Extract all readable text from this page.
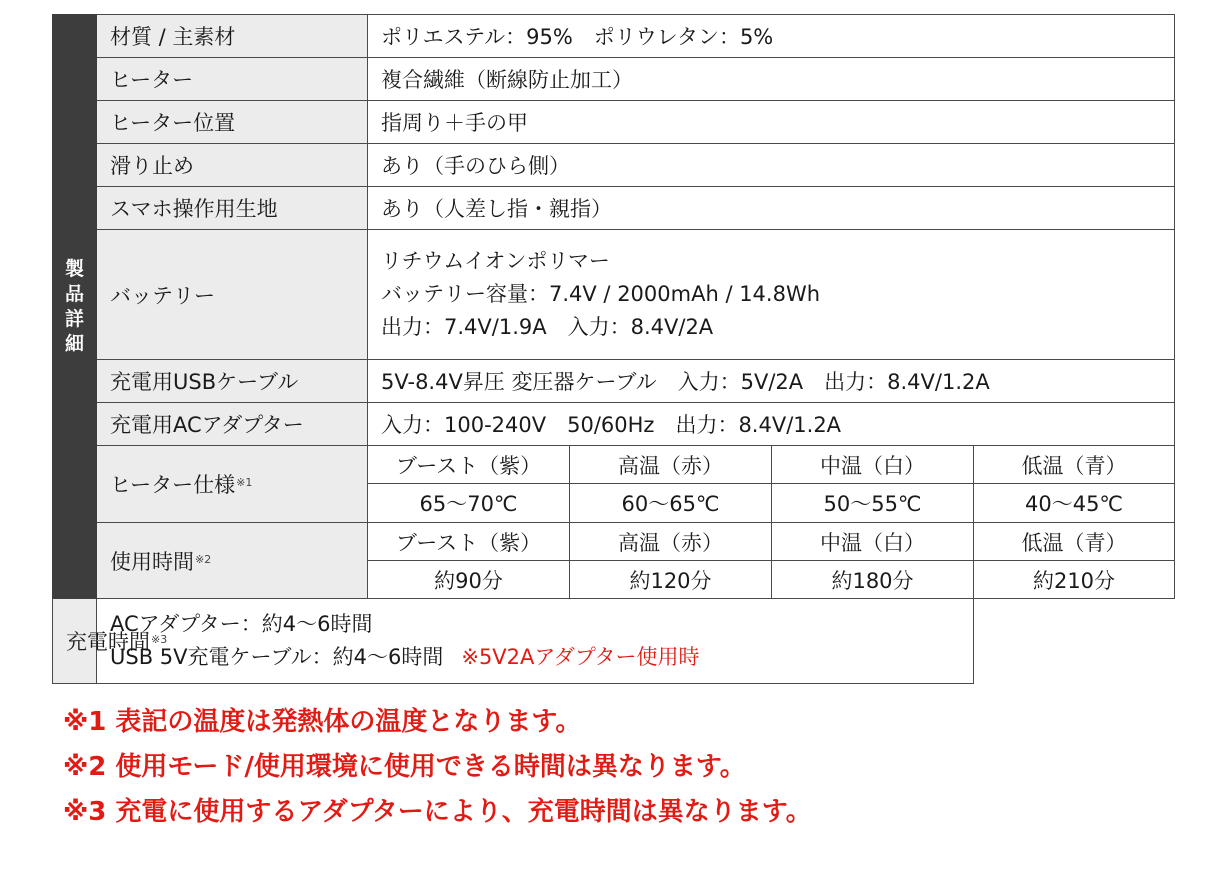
製品詳細	材質 / 主素材	ポリエステル：95%　ポリウレタン：5%			
	ヒーター	複合繊維（断線防止加工）			
	ヒーター位置	指周り＋手の甲			
	滑り止め	あり（手のひら側）			
	スマホ操作用生地	あり（人差し指・親指）			
	バッテリー	リチウムイオンポリマー
バッテリー容量：7.4V / 2000mAh / 14.8Wh
出力：7.4V/1.9A　入力：8.4V/2A			

	充電用USBケーブル	5V-8.4V昇圧 変圧器ケーブル　入力：5V/2A　出力：8.4V/1.2A			
	充電用ACアダプター	入力：100-240V　50/60Hz　出力：8.4V/1.2A			
	ヒーター仕様$^{※1}$	ブースト（紫）	高温（赤）	中温（白）	低温（青）
		65～70℃	60～65℃	50～55℃	40～45℃
	使用時間$^{※2}$	ブースト（紫）	高温（赤）	中温（白）	低温（青）
		約90分	約120分	約180分	約210分
充電時間$^{※3}$	ACアダプター：約4～6時間
USB 5V充電ケーブル：約4～6時間 ※5V2Aアダプター使用時				
※1 表記の温度は発熱体の温度となります。
※2 使用モード/使用環境に使用できる時間は異なります。
※3 充電に使用するアダプターにより、充電時間は異なります。
